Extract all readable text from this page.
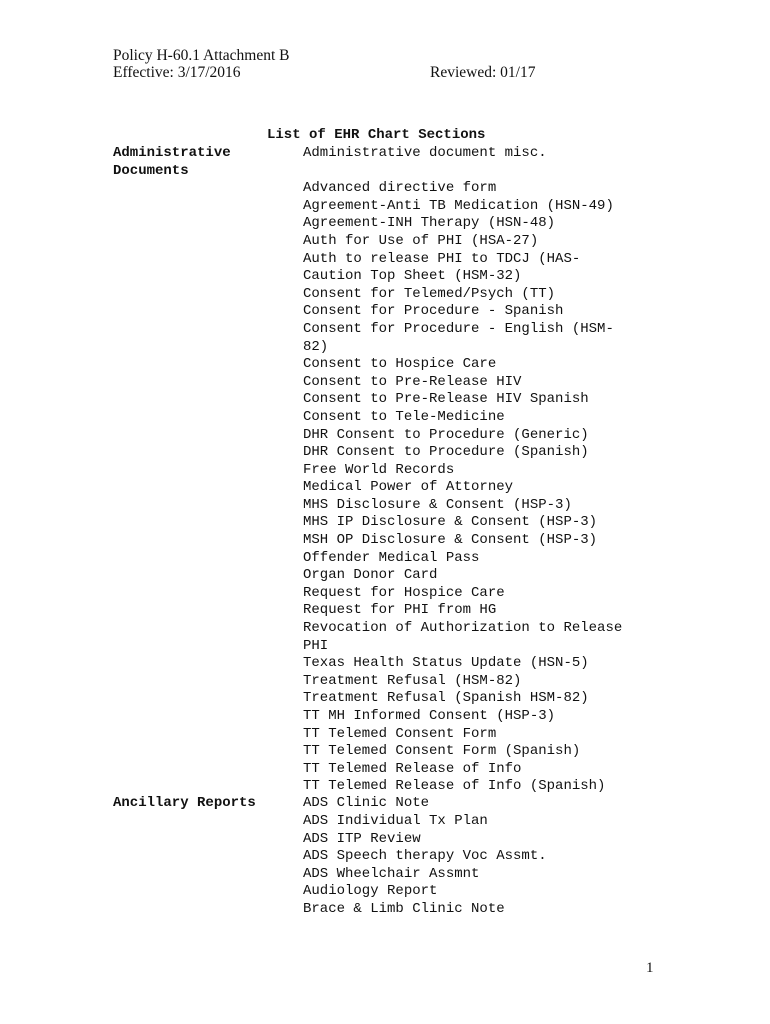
Policy H-60.1 Attachment B
Effective: 3/17/2016	Reviewed: 01/17
List of EHR Chart Sections
Administrative
Documents
Administrative document misc.
Advanced directive form
Agreement-Anti TB Medication (HSN-49)
Agreement-INH Therapy (HSN-48)
Auth for Use of PHI (HSA-27)
Auth to release PHI to TDCJ (HAS-
Caution Top Sheet (HSM-32)
Consent for Telemed/Psych (TT)
Consent for Procedure - Spanish
Consent for Procedure - English (HSM-
82)
Consent to Hospice Care
Consent to Pre-Release HIV
Consent to Pre-Release HIV Spanish
Consent to Tele-Medicine
DHR Consent to Procedure (Generic)
DHR Consent to Procedure (Spanish)
Free World Records
Medical Power of Attorney
MHS Disclosure & Consent (HSP-3)
MHS IP Disclosure & Consent (HSP-3)
MSH OP Disclosure & Consent (HSP-3)
Offender Medical Pass
Organ Donor Card
Request for Hospice Care
Request for PHI from HG
Revocation of Authorization to Release
PHI
Texas Health Status Update (HSN-5)
Treatment Refusal (HSM-82)
Treatment Refusal (Spanish HSM-82)
TT MH Informed Consent (HSP-3)
TT Telemed Consent Form
TT Telemed Consent Form (Spanish)
TT Telemed Release of Info
TT Telemed Release of Info (Spanish)
Ancillary Reports	ADS Clinic Note
ADS Individual Tx Plan
ADS ITP Review
ADS Speech therapy Voc Assmt.
ADS Wheelchair Assmnt
Audiology Report
Brace & Limb Clinic Note
1
